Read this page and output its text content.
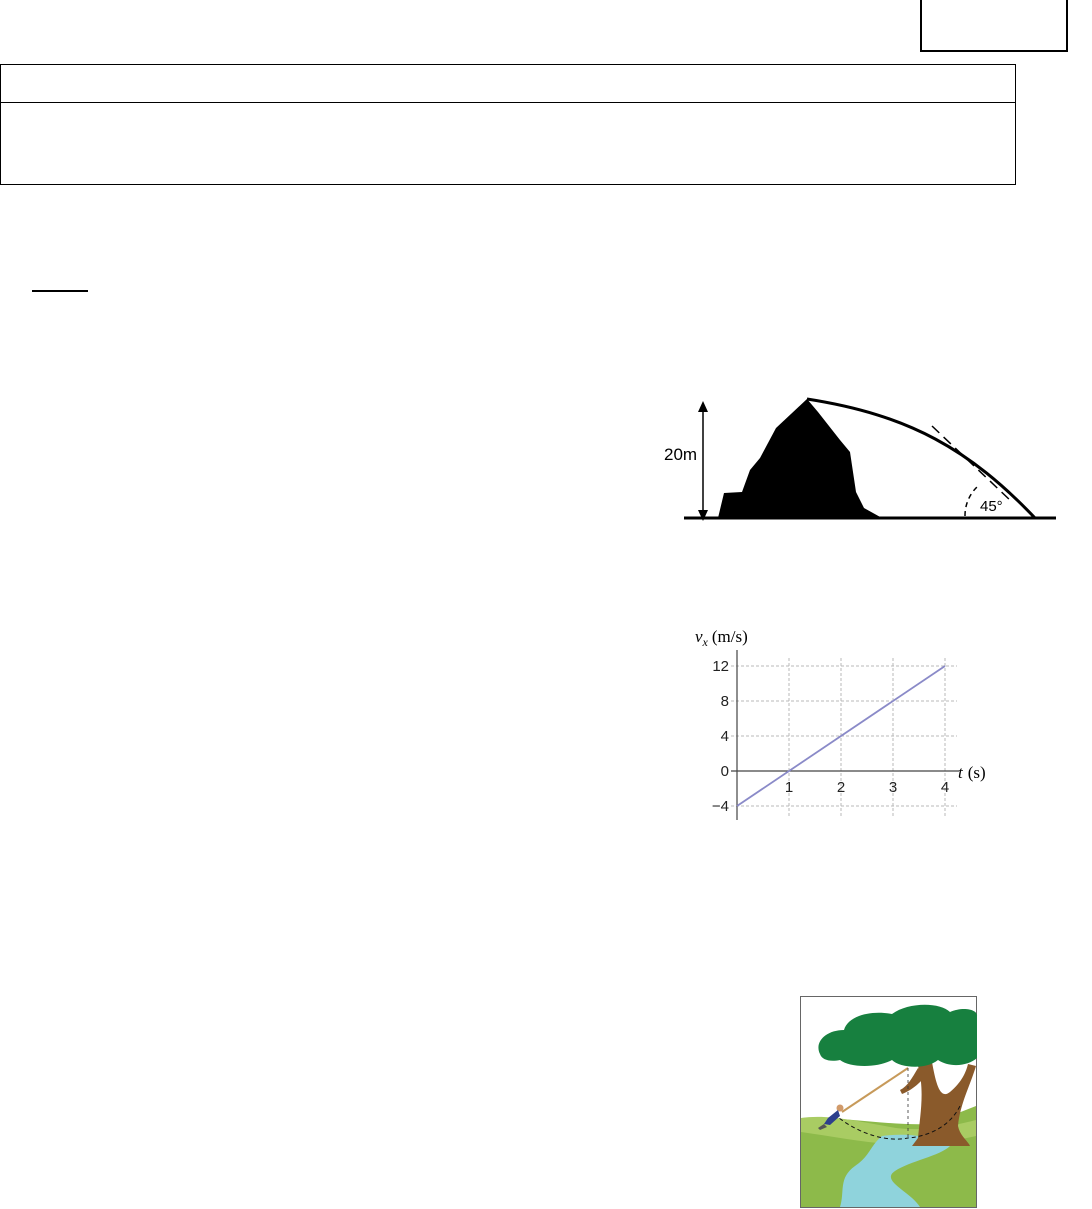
20m
45°
$v_x$ (m/s)
t (s)
12
8
4
0
−4
1	2	3	4
